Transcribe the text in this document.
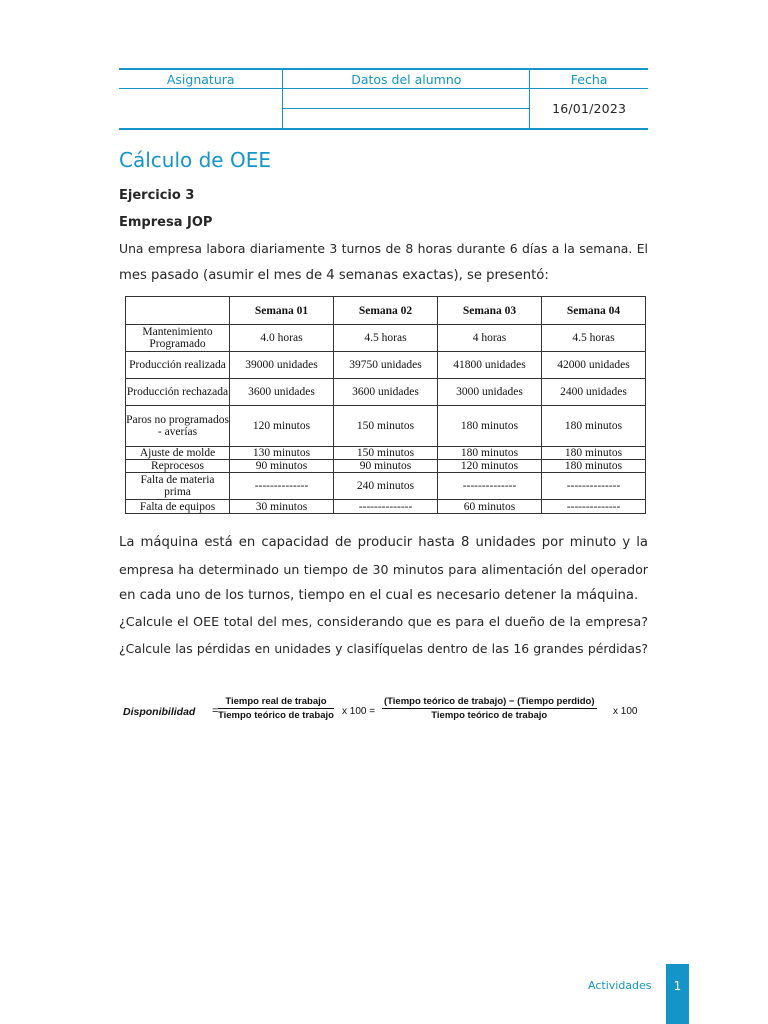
Asignatura	Datos del alumno	Fecha
		16/01/2023

Cálculo de OEE
Ejercicio 3
Empresa JOP
Una empresa labora diariamente 3 turnos de 8 horas durante 6 días a la semana. El
mes pasado (asumir el mes de 4 semanas exactas), se presentó:
	Semana 01	Semana 02	Semana 03	Semana 04
Mantenimiento Programado	4.0 horas	4.5 horas	4 horas	4.5 horas
Producción realizada	39000 unidades	39750 unidades	41800 unidades	42000 unidades
Producción rechazada	3600 unidades	3600 unidades	3000 unidades	2400 unidades
Paros no programados - averías	120 minutos	150 minutos	180 minutos	180 minutos
Ajuste de molde	130 minutos	150 minutos	180 minutos	180 minutos
Reprocesos	90 minutos	90 minutos	120 minutos	180 minutos
Falta de materia prima	--------------	240 minutos	--------------	--------------
Falta de equipos	30 minutos	--------------	60 minutos	--------------
La máquina está en capacidad de producir hasta 8 unidades por minuto y la
empresa ha determinado un tiempo de 30 minutos para alimentación del operador
en cada uno de los turnos, tiempo en el cual es necesario detener la máquina.
¿Calcule el OEE total del mes, considerando que es para el dueño de la empresa?
¿Calcule las pérdidas en unidades y clasifíquelas dentro de las 16 grandes pérdidas?
Disponibilidad =
Tiempo real de trabajo
Tiempo teórico de trabajo x 100 =
(Tiempo teórico de trabajo) − (Tiempo perdido)
Tiempo teórico de trabajo	x 100
Actividades	1
